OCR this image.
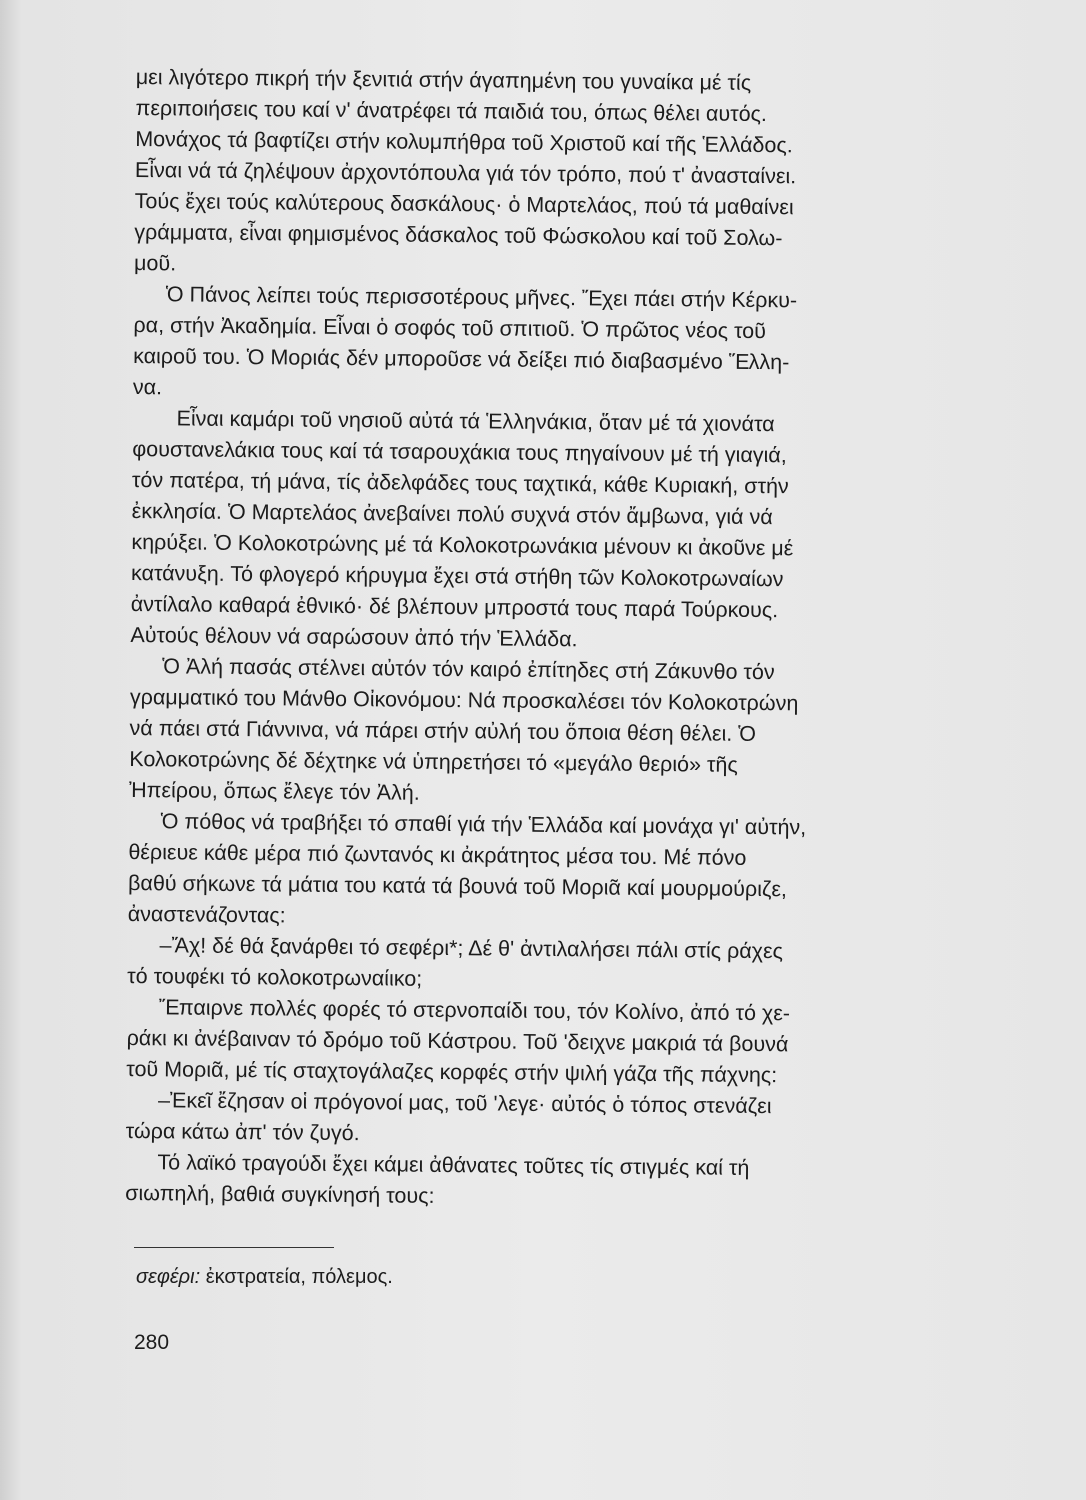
μει λιγότερο πικρή τήν ξενιτιά στήν άγαπημένη του γυναίκα μέ τίς
περιποιήσεις του καί ν' άνατρέφει τά παιδιά του, όπως θέλει αυτός.
Μονάχος τά βαφτίζει στήν κολυμπήθρα τοῦ Χριστοῦ καί τῆς Ἑλλάδος.
Εἶναι νά τά ζηλέψουν ἀρχοντόπουλα γιά τόν τρόπο, πού τ' ἀνασταίνει.
Τούς ἔχει τούς καλύτερους δασκάλους· ὁ Μαρτελάος, πού τά μαθαίνει
γράμματα, εἶναι φημισμένος δάσκαλος τοῦ Φώσκολου καί τοῦ Σολω-
μοῦ.
Ὁ Πάνος λείπει τούς περισσοτέρους μῆνες. Ἔχει πάει στήν Κέρκυ-
ρα, στήν Ἀκαδημία. Εἶναι ὁ σοφός τοῦ σπιτιοῦ. Ὁ πρῶτος νέος τοῦ
καιροῦ του. Ὁ Μοριάς δέν μποροῦσε νά δείξει πιό διαβασμένο Ἕλλη-
να.
Εἶναι καμάρι τοῦ νησιοῦ αὐτά τά Ἑλληνάκια, ὅταν μέ τά χιονάτα
φουστανελάκια τους καί τά τσαρουχάκια τους πηγαίνουν μέ τή γιαγιά,
τόν πατέρα, τή μάνα, τίς ἀδελφάδες τους ταχτικά, κάθε Κυριακή, στήν
ἐκκλησία. Ὁ Μαρτελάος ἀνεβαίνει πολύ συχνά στόν ἄμβωνα, γιά νά
κηρύξει. Ὁ Κολοκοτρώνης μέ τά Κολοκοτρωνάκια μένουν κι ἀκοῦνε μέ
κατάνυξη. Τό φλογερό κήρυγμα ἔχει στά στήθη τῶν Κολοκοτρωναίων
ἀντίλαλο καθαρά ἐθνικό· δέ βλέπουν μπροστά τους παρά Τούρκους.
Αὐτούς θέλουν νά σαρώσουν ἀπό τήν Ἑλλάδα.
Ὁ Ἀλή πασάς στέλνει αὐτόν τόν καιρό ἐπίτηδες στή Ζάκυνθο τόν
γραμματικό του Μάνθο Οἰκονόμου: Νά προσκαλέσει τόν Κολοκοτρώνη
νά πάει στά Γιάννινα, νά πάρει στήν αὐλή του ὅποια θέση θέλει. Ὁ
Κολοκοτρώνης δέ δέχτηκε νά ὑπηρετήσει τό «μεγάλο θεριό» τῆς
Ἠπείρου, ὅπως ἔλεγε τόν Ἀλή.
Ὁ πόθος νά τραβήξει τό σπαθί γιά τήν Ἑλλάδα καί μονάχα γι' αὐτήν,
θέριευε κάθε μέρα πιό ζωντανός κι ἀκράτητος μέσα του. Μέ πόνο
βαθύ σήκωνε τά μάτια του κατά τά βουνά τοῦ Μοριᾶ καί μουρμούριζε,
ἀναστενάζοντας:
–Ἄχ! δέ θά ξανάρθει τό σεφέρι*; Δέ θ' ἀντιλαλήσει πάλι στίς ράχες
τό τουφέκι τό κολοκοτρωναίικο;
Ἔπαιρνε πολλές φορές τό στερνοπαίδι του, τόν Κολίνο, ἀπό τό χε-
ράκι κι ἀνέβαιναν τό δρόμο τοῦ Κάστρου. Τοῦ 'δειχνε μακριά τά βουνά
τοῦ Μοριᾶ, μέ τίς σταχτογάλαζες κορφές στήν ψιλή γάζα τῆς πάχνης:
–Ἐκεῖ ἔζησαν οἱ πρόγονοί μας, τοῦ 'λεγε· αὐτός ὁ τόπος στενάζει
τώρα κάτω ἀπ' τόν ζυγό.
Τό λαϊκό τραγούδι ἔχει κάμει ἀθάνατες τοῦτες τίς στιγμές καί τή
σιωπηλή, βαθιά συγκίνησή τους:
σεφέρι: ἐκστρατεία, πόλεμος.
280
